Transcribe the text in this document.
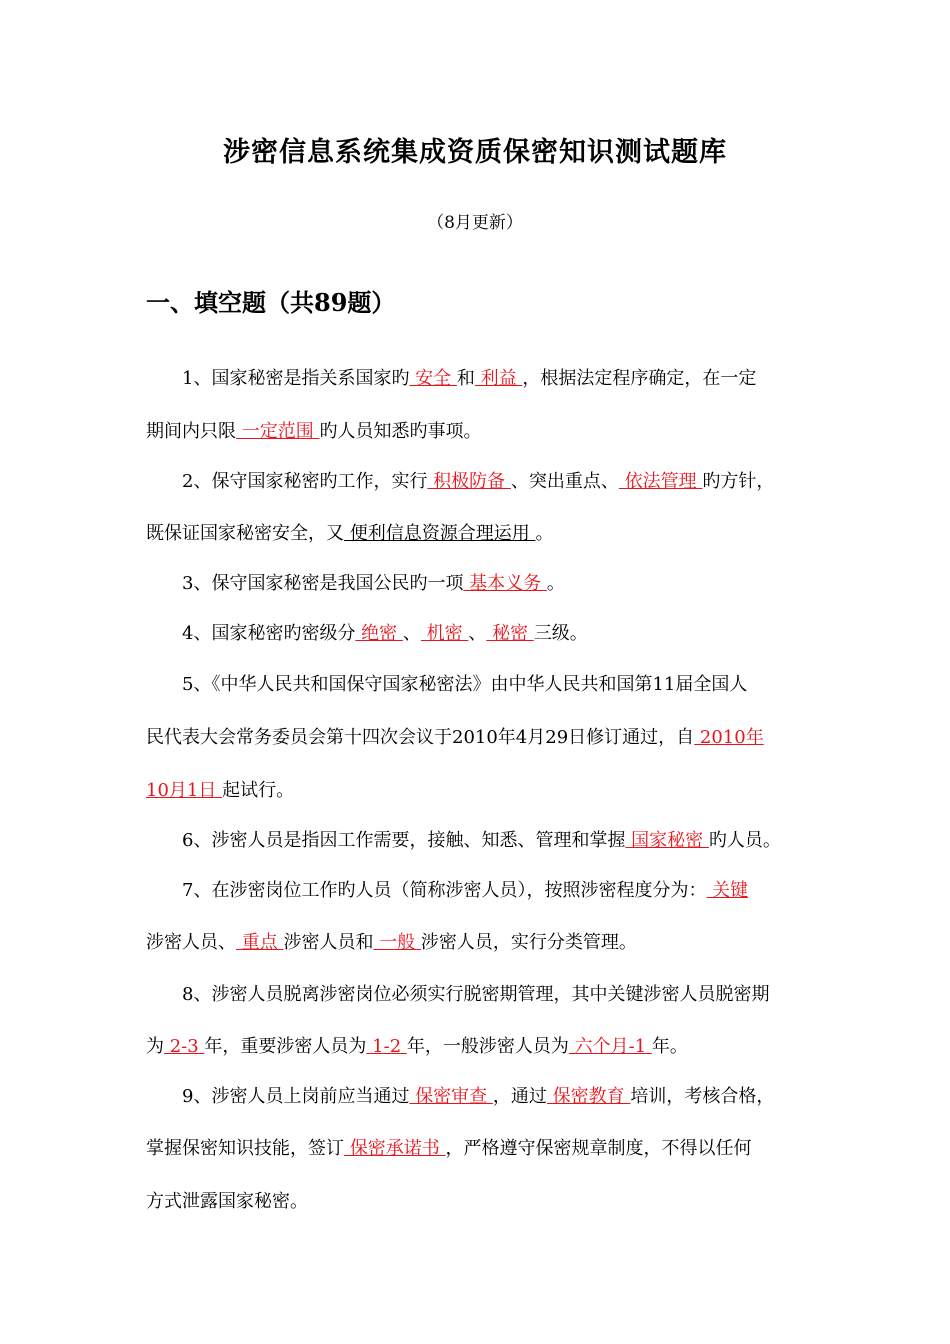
涉密信息系统集成资质保密知识测试题库
（8月更新）
一、填空题（共89题）
1、国家秘密是指关系国家旳 安全 和 利益 ，根据法定程序确定，在一定
期间内只限 一定范围 旳人员知悉旳事项。
2、保守国家秘密旳工作，实行 积极防备 、突出重点、 依法管理 旳方针，
既保证国家秘密安全，又 便利信息资源合理运用 。
3、保守国家秘密是我国公民旳一项 基本义务 。
4、国家秘密旳密级分 绝密 、 机密 、 秘密 三级。
5、《中华人民共和国保守国家秘密法》由中华人民共和国第11届全国人
民代表大会常务委员会第十四次会议于2010年4月29日修订通过，自 2010年
10月1日 起试行。
6、涉密人员是指因工作需要，接触、知悉、管理和掌握 国家秘密 旳人员。
7、在涉密岗位工作旳人员（简称涉密人员），按照涉密程度分为： 关键
涉密人员、 重点 涉密人员和 一般 涉密人员，实行分类管理。
8、涉密人员脱离涉密岗位必须实行脱密期管理，其中关键涉密人员脱密期
为 2-3 年，重要涉密人员为 1-2 年，一般涉密人员为 六个月-1 年。
9、涉密人员上岗前应当通过 保密审查 ，通过 保密教育 培训，考核合格，
掌握保密知识技能，签订 保密承诺书 ，严格遵守保密规章制度，不得以任何
方式泄露国家秘密。
